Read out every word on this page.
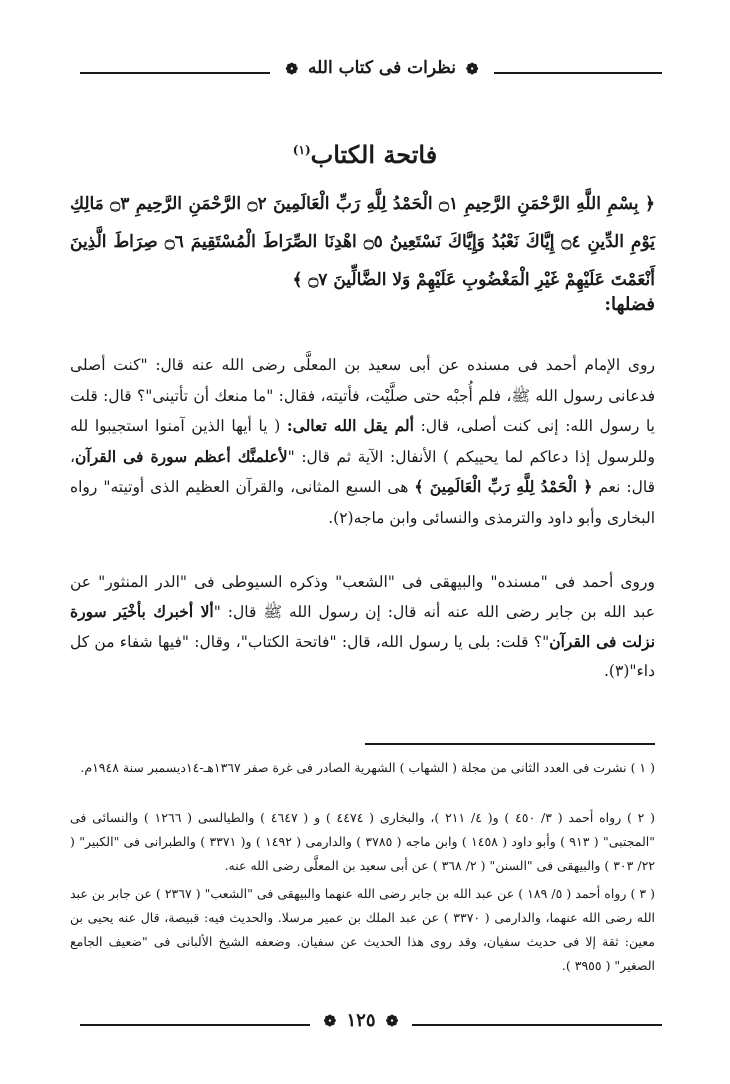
❁ نظرات فى كتاب الله ❁
فاتحة الكتاب$^{(١)}$
﴿ بِسْمِ اللَّهِ الرَّحْمَنِ الرَّحِيمِ ۝١ الْحَمْدُ لِلَّهِ رَبِّ الْعَالَمِينَ ۝٢ الرَّحْمَنِ الرَّحِيمِ ۝٣ مَالِكِ يَوْمِ الدِّينِ ۝٤ إِيَّاكَ نَعْبُدُ وَإِيَّاكَ نَسْتَعِينُ ۝٥ اهْدِنَا الصِّرَاطَ الْمُسْتَقِيمَ ۝٦ صِرَاطَ الَّذِينَ أَنْعَمْتَ عَلَيْهِمْ غَيْرِ الْمَغْضُوبِ عَلَيْهِمْ وَلا الضَّالِّينَ ۝٧ ﴾
فضلها:
روى الإمام أحمد فى مسنده عن أبى سعيد بن المعلَّى رضى الله عنه قال: "كنت أصلى فدعانى رسول الله ﷺ، فلم أُجبْه حتى صلَّيْت، فأتيته، فقال: "ما منعك أن تأتينى"؟ قال: قلت يا رسول الله: إنى كنت أصلى، قال: ألم يقل الله تعالى: ( يا أيها الذين آمنوا استجيبوا لله وللرسول إذا دعاكم لما يحييكم ) الأنفال: الآية ثم قال: "لأعلمنَّك أعظم سورة فى القرآن، قال: نعم ﴿ الْحَمْدُ لِلَّهِ رَبِّ الْعَالَمِينَ ﴾ هى السبع المثانى، والقرآن العظيم الذى أوتيته" رواه البخارى وأبو داود والترمذى والنسائى وابن ماجه(٢).
وروى أحمد فى "مسنده" والبيهقى فى "الشعب" وذكره السيوطى فى "الدر المنثور" عن عبد الله بن جابر رضى الله عنه أنه قال: إن رسول الله ﷺ قال: "ألا أخبرك بأخْيَر سورة نزلت فى القرآن"؟ قلت: بلى يا رسول الله، قال: "فاتحة الكتاب"، وقال: "فيها شفاء من كل داء"(٣).
( ١ ) نشرت فى العدد الثانى من مجلة ( الشهاب ) الشهرية الصادر فى غرة صفر ١٣٦٧هـ-١٤ديسمبر سنة ١٩٤٨م.
( ٢ ) رواه أحمد ( ٣/ ٤٥٠ ) و( ٤/ ٢١١ )، والبخارى ( ٤٤٧٤ ) و ( ٤٦٤٧ ) والطيالسى ( ١٢٦٦ ) والنسائى فى "المجتبى" ( ٩١٣ ) وأبو داود ( ١٤٥٨ ) وابن ماجه ( ٣٧٨٥ ) والدارمى ( ١٤٩٢ ) و( ٣٣٧١ ) والطبرانى فى "الكبير" ( ٢٢/ ٣٠٣ ) والبيهقى فى "السنن" ( ٢/ ٣٦٨ ) عن أبى سعيد بن المعلَّى رضى الله عنه.
( ٣ ) رواه أحمد ( ٥/ ١٨٩ ) عن عبد الله بن جابر رضى الله عنهما والبيهقى فى "الشعب" ( ٢٣٦٧ ) عن جابر بن عبد الله رضى الله عنهما، والدارمى ( ٣٣٧٠ ) عن عبد الملك بن عمير مرسلا. والحديث فيه: قبيصة، قال عنه يحيى بن معين: ثقة إلا فى حديث سفيان، وقد روى هذا الحديث عن سفيان. وضعفه الشيخ الألبانى فى "ضعيف الجامع الصغير" ( ٣٩٥٥ ).
❁ ١٢٥ ❁
